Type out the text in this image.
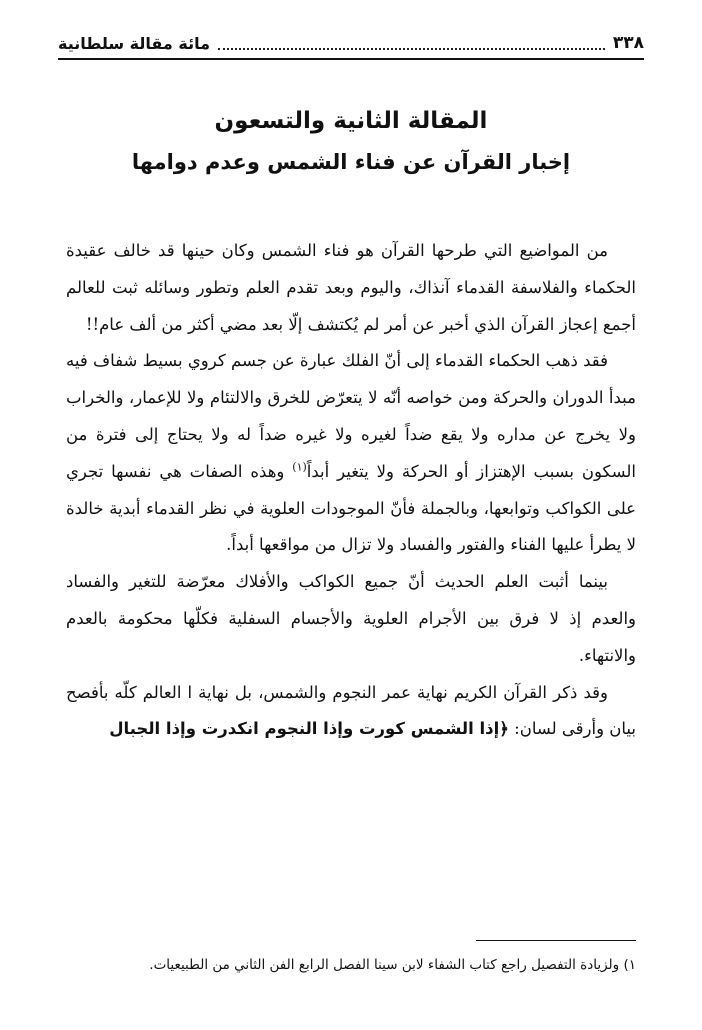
٣٣٨
مائة مقالة سلطانية
المقالة الثانية والتسعون
إخبار القرآن عن فناء الشمس وعدم دوامها

من المواضيع التي طرحها القرآن هو فناء الشمس وكان حينها قد خالف عقيدة الحكماء والفلاسفة القدماء آنذاك، واليوم وبعد تقدم العلم وتطور وسائله ثبت للعالم أجمع إعجاز القرآن الذي أخبر عن أمر لم يُكتشف إلّا بعد مضي أكثر من ألف عام!!

فقد ذهب الحكماء القدماء إلى أنّ الفلك عبارة عن جسم كروي بسيط شفاف فيه مبدأ الدوران والحركة ومن خواصه أنّه لا يتعرّض للخرق والالتئام ولا للإعمار، والخراب ولا يخرج عن مداره ولا يقع ضداً لغيره ولا غيره ضداً له ولا يحتاج إلى فترة من السكون بسبب الإهتزاز أو الحركة ولا يتغير أبداً$^{(١)}$ وهذه الصفات هي نفسها تجري على الكواكب وتوابعها، وبالجملة فأنّ الموجودات العلوية في نظر القدماء أبدية خالدة لا يطرأ عليها الفناء والفتور والفساد ولا تزال من مواقعها أبداً.

بينما أثبت العلم الحديث أنّ جميع الكواكب والأفلاك معرّضة للتغير والفساد والعدم إذ لا فرق بين الأجرام العلوية والأجسام السفلية فكلّها محكومة بالعدم والانتهاء.

وقد ذكر القرآن الكريم نهاية عمر النجوم والشمس، بل نهاية ا العالم كلّه بأفصح بيان وأرقى لسان: ﴿إذا الشمس كورت وإذا النجوم انكدرت وإذا الجبال

١) ولزيادة التفصيل راجع كتاب الشفاء لابن سينا الفصل الرابع الفن الثاني من الطبيعيات.
